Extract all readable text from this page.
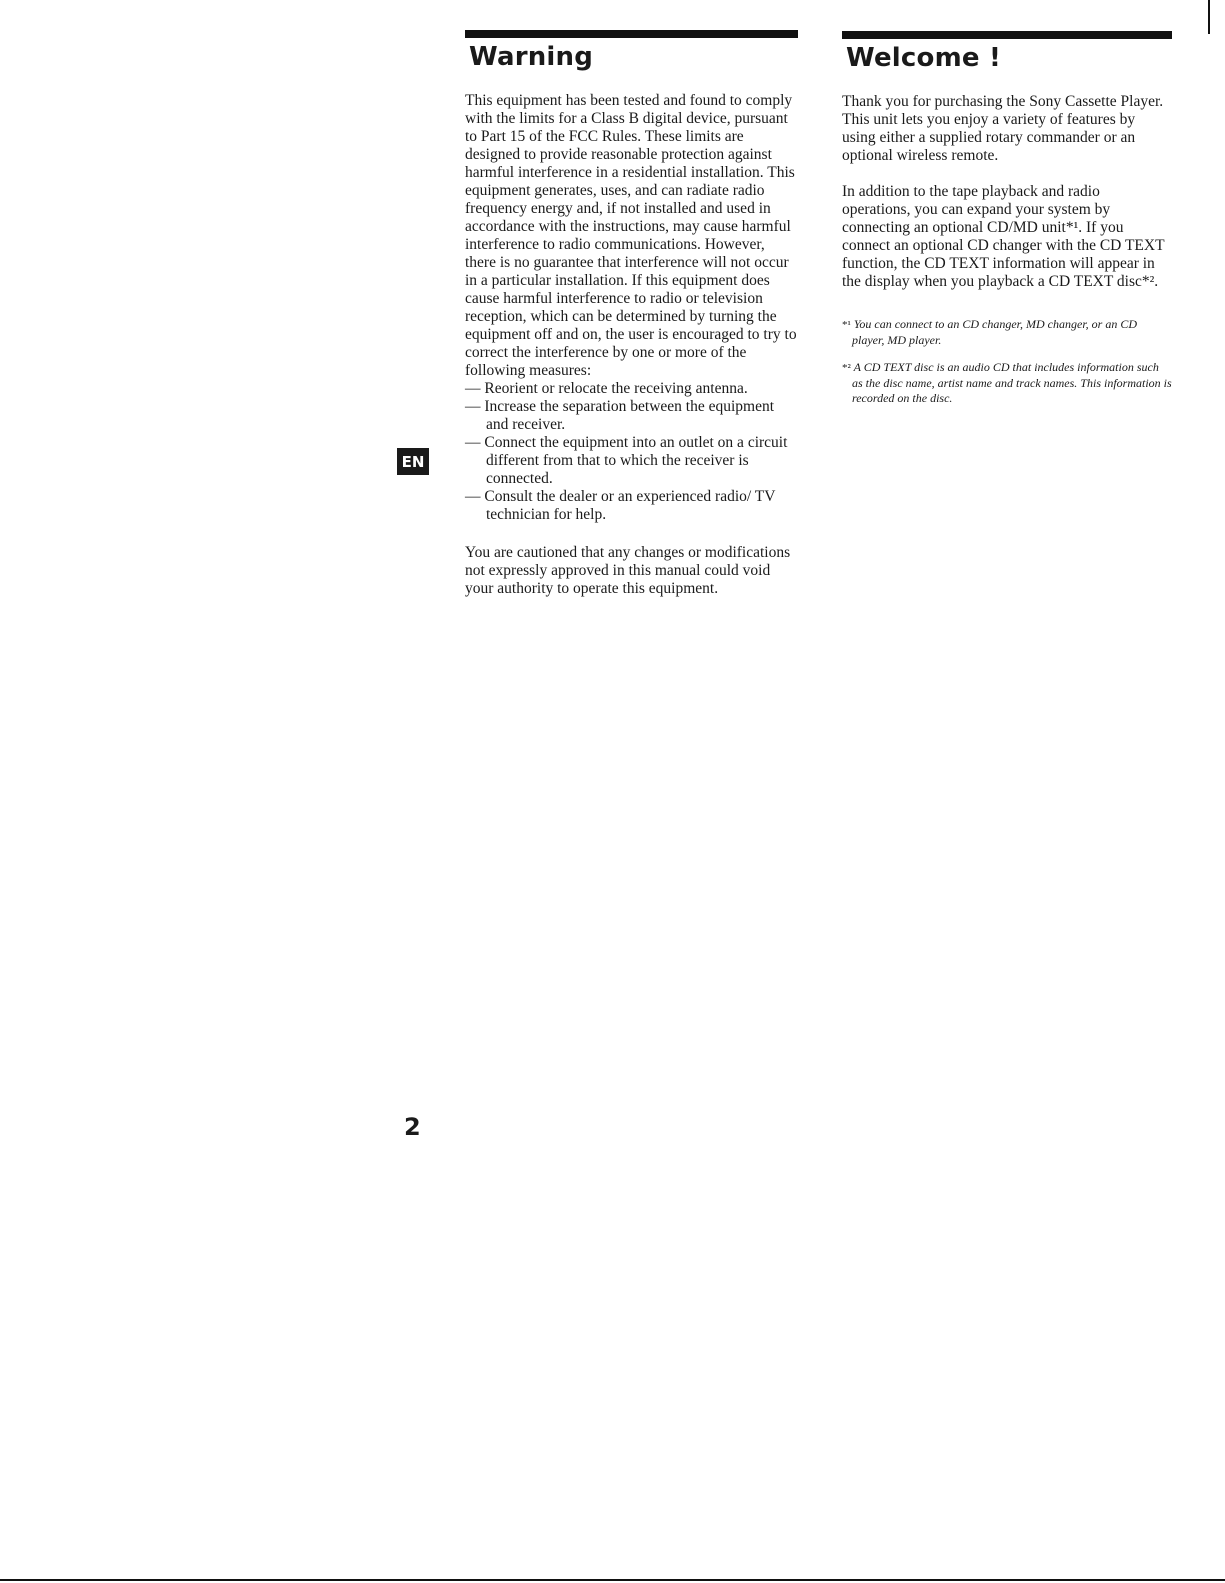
EN
Warning

This equipment has been tested and found to comply with the limits for a Class B digital device, pursuant to Part 15 of the FCC Rules. These limits are designed to provide reasonable protection against harmful interference in a residential installation. This equipment generates, uses, and can radiate radio frequency energy and, if not installed and used in accordance with the instructions, may cause harmful interference to radio communications. However, there is no guarantee that interference will not occur in a particular installation. If this equipment does cause harmful interference to radio or television reception, which can be determined by turning the equipment off and on, the user is encouraged to try to correct the interference by one or more of the following measures:

— Reorient or relocate the receiving antenna.
— Increase the separation between the equipment and receiver.
— Connect the equipment into an outlet on a circuit different from that to which the receiver is connected.
— Consult the dealer or an experienced radio/ TV technician for help.

You are cautioned that any changes or modifications not expressly approved in this manual could void your authority to operate this equipment.

Welcome !

Thank you for purchasing the Sony Cassette Player. This unit lets you enjoy a variety of features by using either a supplied rotary commander or an optional wireless remote.

In addition to the tape playback and radio operations, you can expand your system by connecting an optional CD/MD unit*¹. If you connect an optional CD changer with the CD TEXT function, the CD TEXT information will appear in the display when you playback a CD TEXT disc*².

*¹ You can connect to an CD changer, MD changer, or an CD player, MD player.

*² A CD TEXT disc is an audio CD that includes information such as the disc name, artist name and track names. This information is recorded on the disc.

2
